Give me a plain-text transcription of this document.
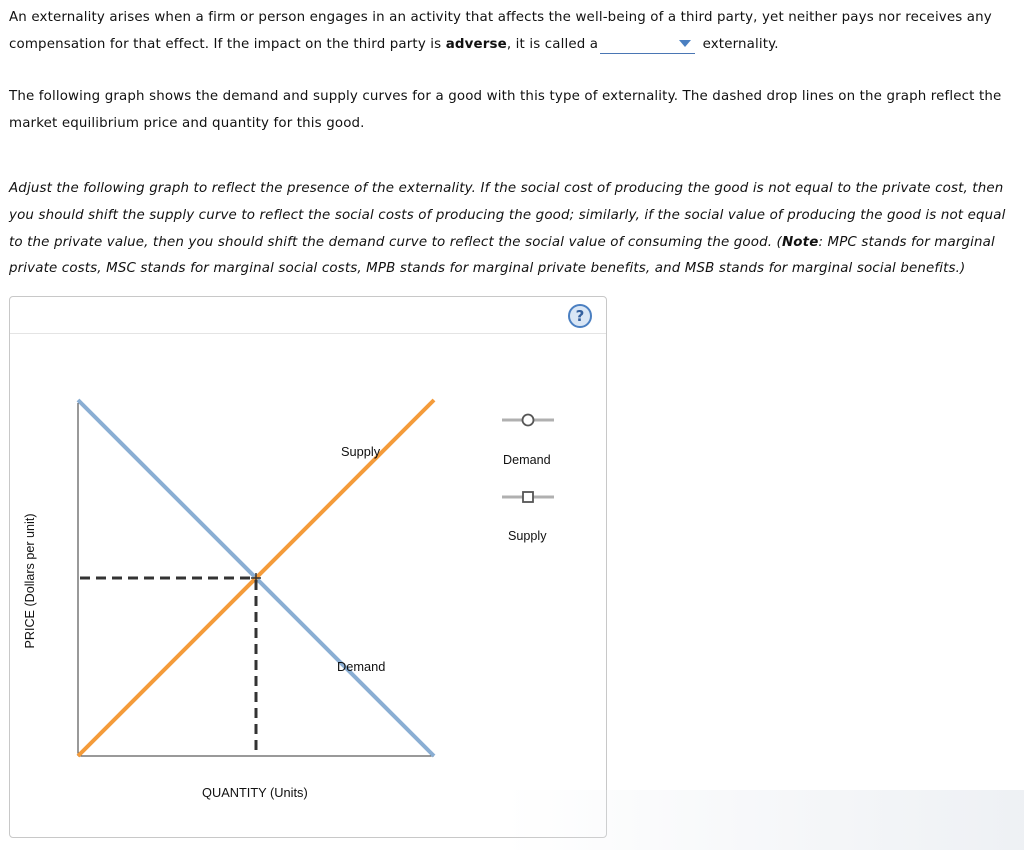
An externality arises when a firm or person engages in an activity that affects the well-being of a third party, yet neither pays nor receives any compensation for that effect. If the impact on the third party is adverse, it is called a	externality.

The following graph shows the demand and supply curves for a good with this type of externality. The dashed drop lines on the graph reflect the market equilibrium price and quantity for this good.

Adjust the following graph to reflect the presence of the externality. If the social cost of producing the good is not equal to the private cost, then you should shift the supply curve to reflect the social costs of producing the good; similarly, if the social value of producing the good is not equal to the private value, then you should shift the demand curve to reflect the social value of consuming the good. (Note: MPC stands for marginal private costs, MSC stands for marginal social costs, MPB stands for marginal private benefits, and MSB stands for marginal social benefits.)

?
Supply
Demand
QUANTITY (Units)
PRICE (Dollars per unit)
Demand
Supply
